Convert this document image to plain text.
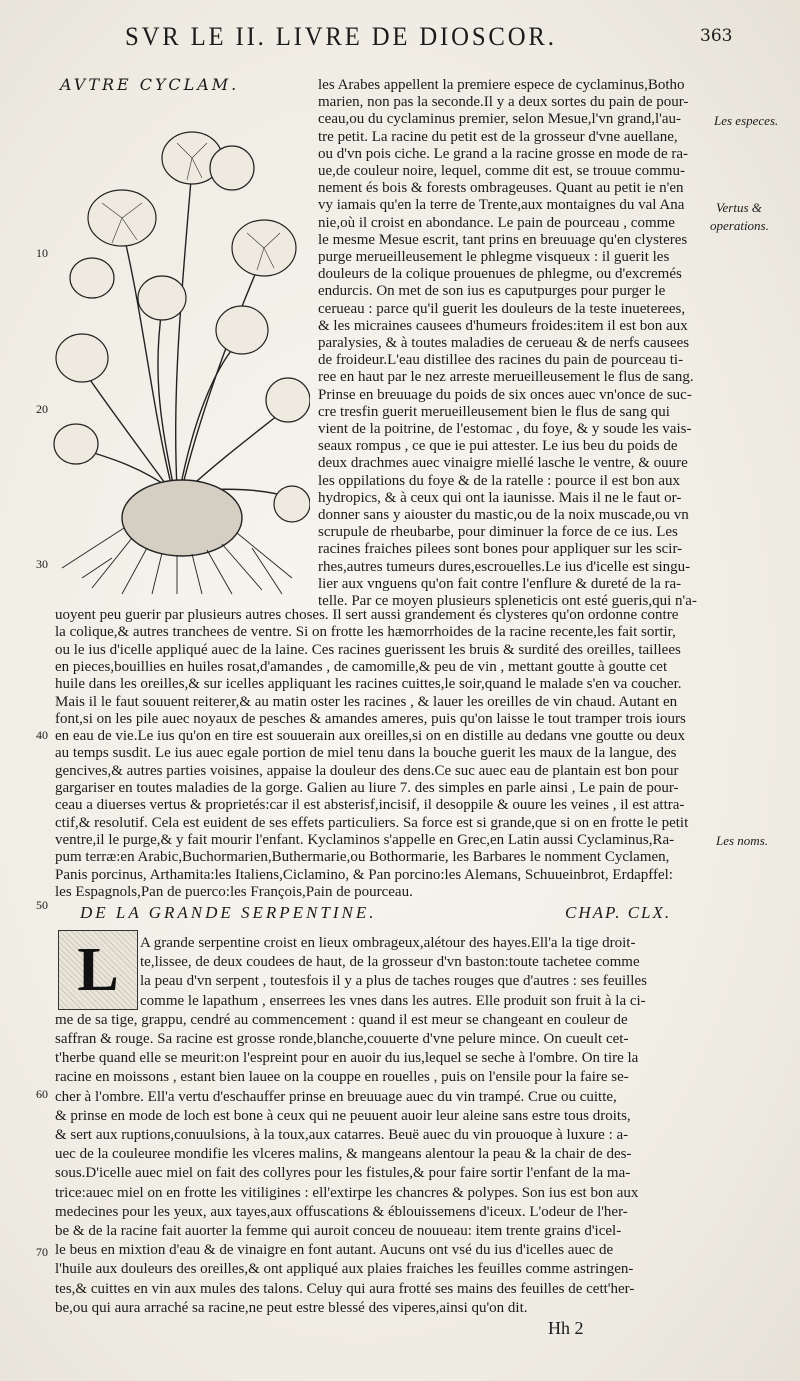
SVR LE II. LIVRE DE DIOSCOR.	363
AVTRE CYCLAM.	les Arabes appellent la premiere espece de cyclaminus,Botho
marien, non pas la seconde.Il y a deux sortes du pain de pour-
ceau,ou du cyclaminus premier, selon Mesue,l'vn grand,l'au-
tre petit. La racine du petit est de la grosseur d'vne auellane,
ou d'vn pois ciche. Le grand a la racine grosse en mode de ra-
ue,de couleur noire, lequel, comme dit est, se trouue commu-
nement és bois & forests ombrageuses. Quant au petit ie n'en
vy iamais qu'en la terre de Trente,aux montaignes du val Ana
nie,où il croist en abondance. Le pain de pourceau , comme
le mesme Mesue escrit, tant prins en breuuage qu'en clysteres
purge merueilleusement le phlegme visqueux : il guerit les
douleurs de la colique prouenues de phlegme, ou d'excremés
endurcis. On met de son ius es caputpurges pour purger le
cerueau : parce qu'il guerit les douleurs de la teste inueterees,
& les micraines causees d'humeurs froides:item il est bon aux
paralysies, & à toutes maladies de cerueau & de nerfs causees
de froideur.L'eau distillee des racines du pain de pourceau ti-
ree en haut par le nez arreste merueilleusement le flus de sang.
Prinse en breuuage du poids de six onces auec vn'once de suc-
cre tresfin guerit merueilleusement bien le flus de sang qui
vient de la poitrine, de l'estomac , du foye, & y soude les vais-
seaux rompus , ce que ie pui attester. Le ius beu du poids de
deux drachmes auec vinaigre miellé lasche le ventre, & ouure
les oppilations du foye & de la ratelle : pource il est bon aux
hydropics, & à ceux qui ont la iaunisse. Mais il ne le faut or-
donner sans y aiouster du mastic,ou de la noix muscade,ou vn
scrupule de rheubarbe, pour diminuer la force de ce ius. Les
racines fraiches pilees sont bones pour appliquer sur les scir-
rhes,autres tumeurs dures,escrouelles.Le ius d'icelle est singu-
lier aux vnguens qu'on fait contre l'enflure & dureté de la ra-
telle. Par ce moyen plusieurs spleneticis ont esté gueris,qui n'a-
uoyent peu guerir par plusieurs autres choses. Il sert aussi grandement és clysteres qu'on ordonne contre
la colique,& autres tranchees de ventre. Si on frotte les hæmorrhoides de la racine recente,les fait sortir,
ou le ius d'icelle appliqué auec de la laine. Ces racines guerissent les bruis & surdité des oreilles, taillees
en pieces,bouillies en huiles rosat,d'amandes , de camomille,& peu de vin , mettant goutte à goutte cet
huile dans les oreilles,& sur icelles appliquant les racines cuittes,le soir,quand le malade s'en va coucher.
Mais il le faut souuent reiterer,& au matin oster les racines , & lauer les oreilles de vin chaud. Autant en
font,si on les pile auec noyaux de pesches & amandes ameres, puis qu'on laisse le tout tramper trois iours
en eau de vie.Le ius qu'on en tire est souuerain aux oreilles,si on en distille au dedans vne goutte ou deux
au temps susdit. Le ius auec egale portion de miel tenu dans la bouche guerit les maux de la langue, des
gencives,& autres parties voisines, appaise la douleur des dens.Ce suc auec eau de plantain est bon pour
gargariser en toutes maladies de la gorge. Galien au liure 7. des simples en parle ainsi , Le pain de pour-
ceau a diuerses vertus & proprietés:car il est absterisf,incisif, il desoppile & ouure les veines , il est attra-
ctif,& resolutif. Cela est euident de ses effets particuliers. Sa force est si grande,que si on en frotte le petit
ventre,il le purge,& y fait mourir l'enfant. Kyclaminos s'appelle en Grec,en Latin aussi Cyclaminus,Ra-
pum terræ:en Arabic,Buchormarien,Buthermarie,ou Bothormarie, les Barbares le nomment Cyclamen,
Panis porcinus, Arthamita:les Italiens,Ciclamino, & Pan porcino:les Alemans, Schuueinbrot, Erdapffel:
les Espagnols,Pan de puerco:les François,Pain de pourceau.
Les especes.
Vertus &
operations.
Les noms.
10
20
30
40
50
60
70
DE LA GRANDE SERPENTINE.	CHAP. CLX.
L	A grande serpentine croist en lieux ombrageux,alétour des hayes.Ell'a la tige droit-
te,lissee, de deux coudees de haut, de la grosseur d'vn baston:toute tachetee comme
la peau d'vn serpent , toutesfois il y a plus de taches rouges que d'autres : ses feuilles
comme le lapathum , enserrees les vnes dans les autres. Elle produit son fruit à la ci-
me de sa tige, grappu, cendré au commencement : quand il est meur se changeant en couleur de
saffran & rouge. Sa racine est grosse ronde,blanche,couuerte d'vne pelure mince. On cueult cet-
t'herbe quand elle se meurit:on l'espreint pour en auoir du ius,lequel se seche à l'ombre. On tire la
racine en moissons , estant bien lauee on la couppe en rouelles , puis on l'ensile pour la faire se-
cher à l'ombre. Ell'a vertu d'eschauffer prinse en breuuage auec du vin trampé. Crue ou cuitte,
& prinse en mode de loch est bone à ceux qui ne peuuent auoir leur aleine sans estre tous droits,
& sert aux ruptions,conuulsions, à la toux,aux catarres. Beuë auec du vin prouoque à luxure : a-
uec de la couleuree mondifie les vlceres malins, & mangeans alentour la peau & la chair de des-
sous.D'icelle auec miel on fait des collyres pour les fistules,& pour faire sortir l'enfant de la ma-
trice:auec miel on en frotte les vitiligines : ell'extirpe les chancres & polypes. Son ius est bon aux
medecines pour les yeux, aux tayes,aux offuscations & éblouissemens d'iceux. L'odeur de l'her-
be & de la racine fait auorter la femme qui auroit conceu de nouueau: item trente grains d'icel-
le beus en mixtion d'eau & de vinaigre en font autant. Aucuns ont vsé du ius d'icelles auec de
l'huile aux douleurs des oreilles,& ont appliqué aux plaies fraiches les feuilles comme astringen-
tes,& cuittes en vin aux mules des talons. Celuy qui aura frotté ses mains des feuilles de cett'her-
be,ou qui aura arraché sa racine,ne peut estre blessé des viperes,ainsi qu'on dit.
Hh 2
